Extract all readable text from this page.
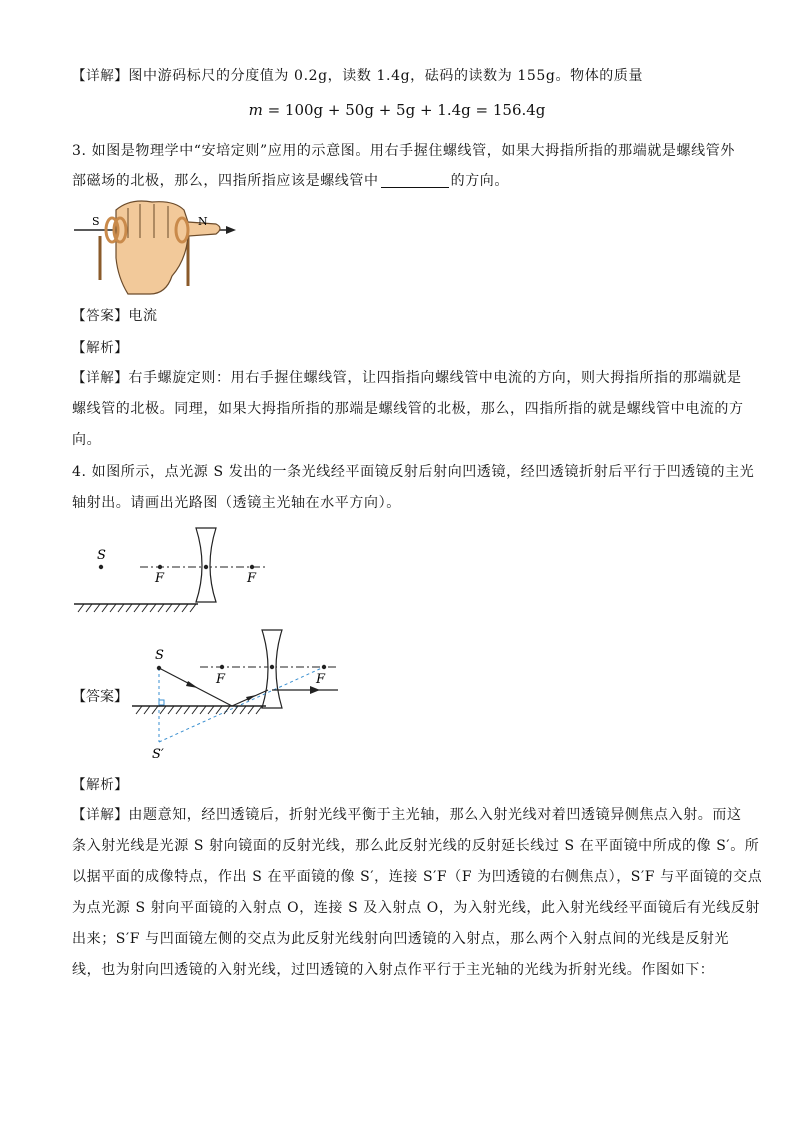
【详解】图中游码标尺的分度值为 0.2g，读数 1.4g，砝码的读数为 155g。物体的质量
m = 100g + 50g + 5g + 1.4g = 156.4g
3. 如图是物理学中“安培定则”应用的示意图。用右手握住螺线管，如果大拇指所指的那端就是螺线管外
部磁场的北极，那么，四指所指应该是螺线管中	的方向。
S	N
【答案】电流
【解析】
【详解】右手螺旋定则：用右手握住螺线管，让四指指向螺线管中电流的方向，则大拇指所指的那端就是
螺线管的北极。同理，如果大拇指所指的那端是螺线管的北极，那么，四指所指的就是螺线管中电流的方
向。
4. 如图所示，点光源 S 发出的一条光线经平面镜反射后射向凹透镜，经凹透镜折射后平行于凹透镜的主光
轴射出。请画出光路图（透镜主光轴在水平方向）。
S
F	F
【答案】
S
S′
F	F
【解析】
【详解】由题意知，经凹透镜后，折射光线平衡于主光轴，那么入射光线对着凹透镜异侧焦点入射。而这
条入射光线是光源 S 射向镜面的反射光线，那么此反射光线的反射延长线过 S 在平面镜中所成的像 S′。所
以据平面的成像特点，作出 S 在平面镜的像 S′，连接 S′F（F 为凹透镜的右侧焦点），S′F 与平面镜的交点
为点光源 S 射向平面镜的入射点 O，连接 S 及入射点 O，为入射光线，此入射光线经平面镜后有光线反射
出来；S′F 与凹面镜左侧的交点为此反射光线射向凹透镜的入射点，那么两个入射点间的光线是反射光
线，也为射向凹透镜的入射光线，过凹透镜的入射点作平行于主光轴的光线为折射光线。作图如下：
